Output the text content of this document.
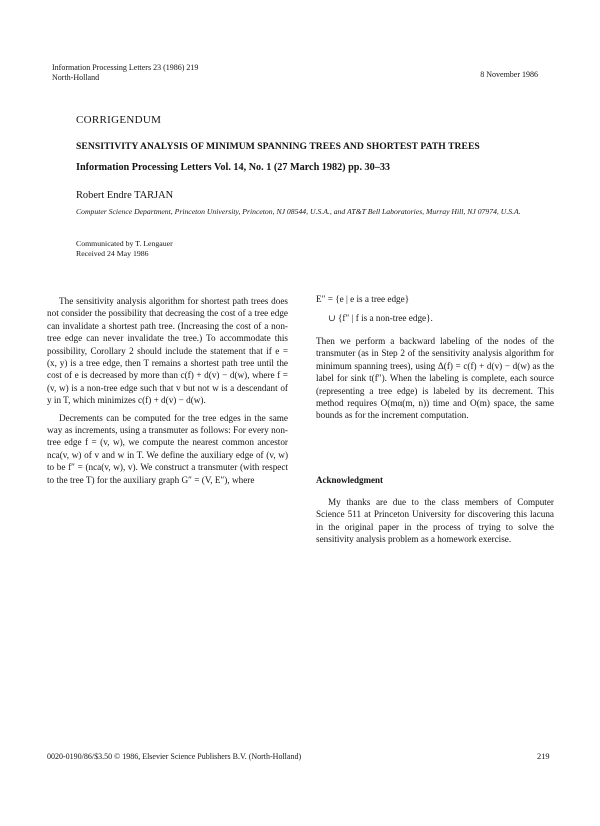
Information Processing Letters 23 (1986) 219
North-Holland	8 November 1986
CORRIGENDUM
SENSITIVITY ANALYSIS OF MINIMUM SPANNING TREES AND SHORTEST PATH TREES
Information Processing Letters Vol. 14, No. 1 (27 March 1982) pp. 30–33
Robert Endre TARJAN
Computer Science Department, Princeton University, Princeton, NJ 08544, U.S.A., and AT&T Bell Laboratories, Murray Hill, NJ 07974, U.S.A.
Communicated by T. Lengauer
Received 24 May 1986

The sensitivity analysis algorithm for shortest path trees does not consider the possibility that decreasing the cost of a tree edge can invalidate a shortest path tree. (Increasing the cost of a non-tree edge can never invalidate the tree.) To accommodate this possibility, Corollary 2 should include the statement that if e = (x, y) is a tree edge, then T remains a shortest path tree until the cost of e is decreased by more than c(f) + d(v) − d(w), where f = (v, w) is a non-tree edge such that v but not w is a descendant of y in T, which minimizes c(f) + d(v) − d(w).

Decrements can be computed for the tree edges in the same way as increments, using a transmuter as follows: For every non-tree edge f = (v, w), we compute the nearest common ancestor nca(v, w) of v and w in T. We define the auxiliary edge of (v, w) to be f″ = (nca(v, w), v). We construct a transmuter (with respect to the tree T) for the auxiliary graph G″ = (V, E″), where

E″ = {e | e is a tree edge}
∪ {f″ | f is a non-tree edge}.

Then we perform a backward labeling of the nodes of the transmuter (as in Step 2 of the sensitivity analysis algorithm for minimum spanning trees), using Δ(f) = c(f) + d(v) − d(w) as the label for sink t(f″). When the labeling is complete, each source (representing a tree edge) is labeled by its decrement. This method requires O(mα(m, n)) time and O(m) space, the same bounds as for the increment computation.

Acknowledgment

My thanks are due to the class members of Computer Science 511 at Princeton University for discovering this lacuna in the original paper in the process of trying to solve the sensitivity analysis problem as a homework exercise.

0020-0190/86/$3.50 © 1986, Elsevier Science Publishers B.V. (North-Holland)	219
